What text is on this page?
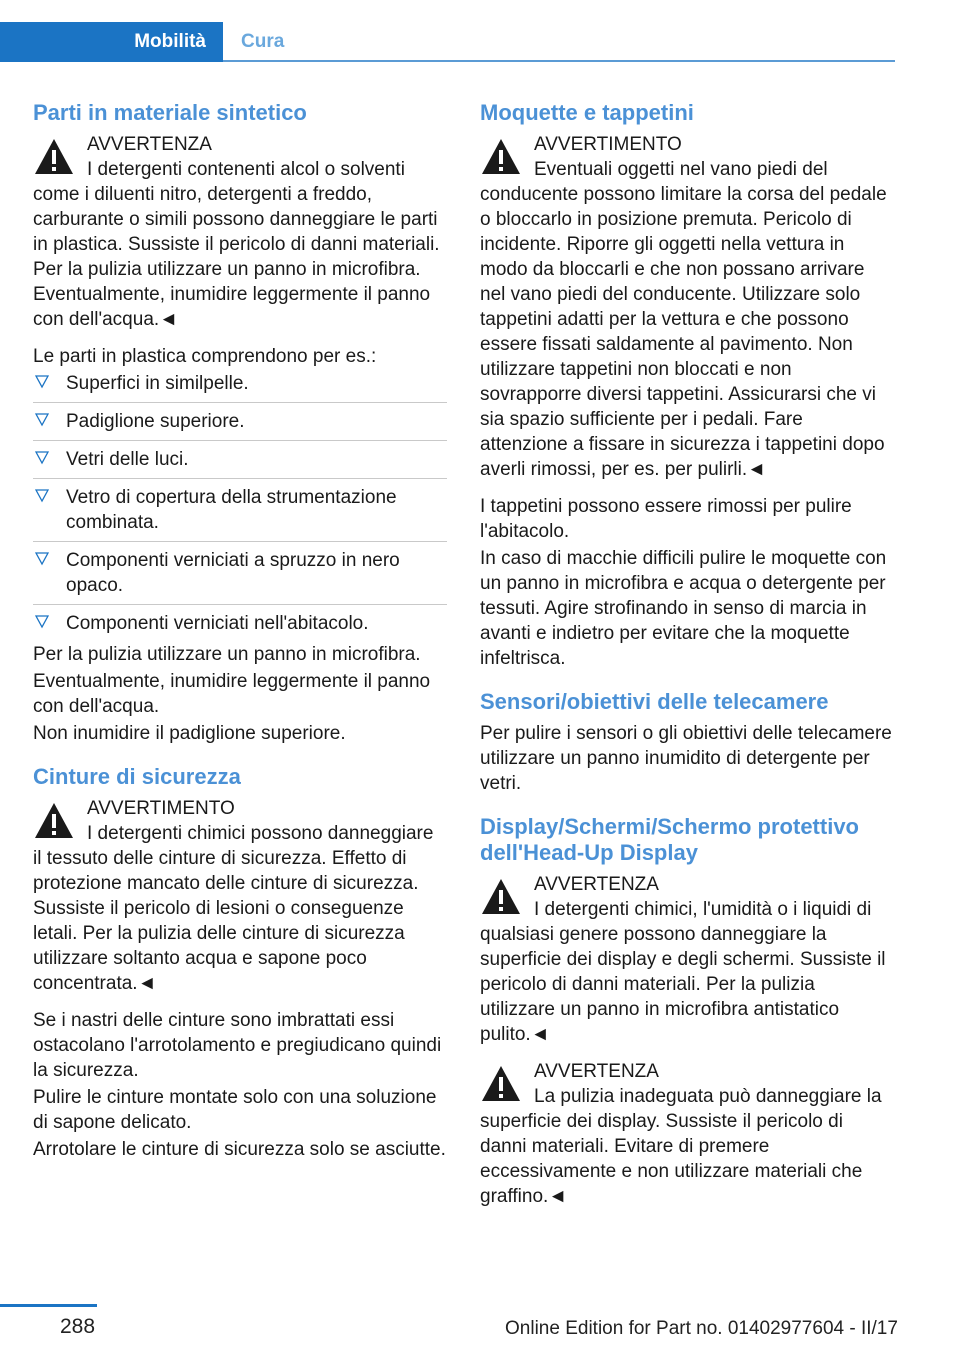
Mobilità	Cura
Parti in materiale sintetico
AVVERTENZA
I detergenti contenenti alcol o solventi come i diluenti nitro, detergenti a freddo, carburante o simili possono danneggiare le parti in plastica. Sussiste il pericolo di danni materiali. Per la pulizia utilizzare un panno in microfibra. Eventualmente, inumidire leggermente il panno con dell'acqua.◄

Le parti in plastica comprendono per es.:

Superfici in similpelle.
Padiglione superiore.
Vetri delle luci.
Vetro di copertura della strumentazione combinata.
Componenti verniciati a spruzzo in nero opaco.
Componenti verniciati nell'abitacolo.

Per la pulizia utilizzare un panno in microfibra.

Eventualmente, inumidire leggermente il panno con dell'acqua.

Non inumidire il padiglione superiore.

Cinture di sicurezza
AVVERTIMENTO
I detergenti chimici possono danneggiare il tessuto delle cinture di sicurezza. Effetto di protezione mancato delle cinture di sicurezza. Sussiste il pericolo di lesioni o conseguenze letali. Per la pulizia delle cinture di sicurezza utilizzare soltanto acqua e sapone poco concentrata.◄

Se i nastri delle cinture sono imbrattati essi ostacolano l'arrotolamento e pregiudicano quindi la sicurezza.

Pulire le cinture montate solo con una soluzione di sapone delicato.

Arrotolare le cinture di sicurezza solo se asciutte.

Moquette e tappetini
AVVERTIMENTO
Eventuali oggetti nel vano piedi del conducente possono limitare la corsa del pedale o bloccarlo in posizione premuta. Pericolo di incidente. Riporre gli oggetti nella vettura in modo da bloccarli e che non possano arrivare nel vano piedi del conducente. Utilizzare solo tappetini adatti per la vettura e che possono essere fissati saldamente al pavimento. Non utilizzare tappetini non bloccati e non sovrapporre diversi tappetini. Assicurarsi che vi sia spazio sufficiente per i pedali. Fare attenzione a fissare in sicurezza i tappetini dopo averli rimossi, per es. per pulirli.◄

I tappetini possono essere rimossi per pulire l'abitacolo.

In caso di macchie difficili pulire le moquette con un panno in microfibra e acqua o detergente per tessuti. Agire strofinando in senso di marcia in avanti e indietro per evitare che la moquette infeltrisca.

Sensori/obiettivi delle telecamere

Per pulire i sensori o gli obiettivi delle telecamere utilizzare un panno inumidito di detergente per vetri.

Display/Schermi/Schermo protettivo dell'Head-Up Display
AVVERTENZA
I detergenti chimici, l'umidità o i liquidi di qualsiasi genere possono danneggiare la superficie dei display e degli schermi. Sussiste il pericolo di danni materiali. Per la pulizia utilizzare un panno in microfibra antistatico pulito.◄
AVVERTENZA
La pulizia inadeguata può danneggiare la superficie dei display. Sussiste il pericolo di danni materiali. Evitare di premere eccessivamente e non utilizzare materiali che graffino.◄
288	Online Edition for Part no. 01402977604 - II/17
